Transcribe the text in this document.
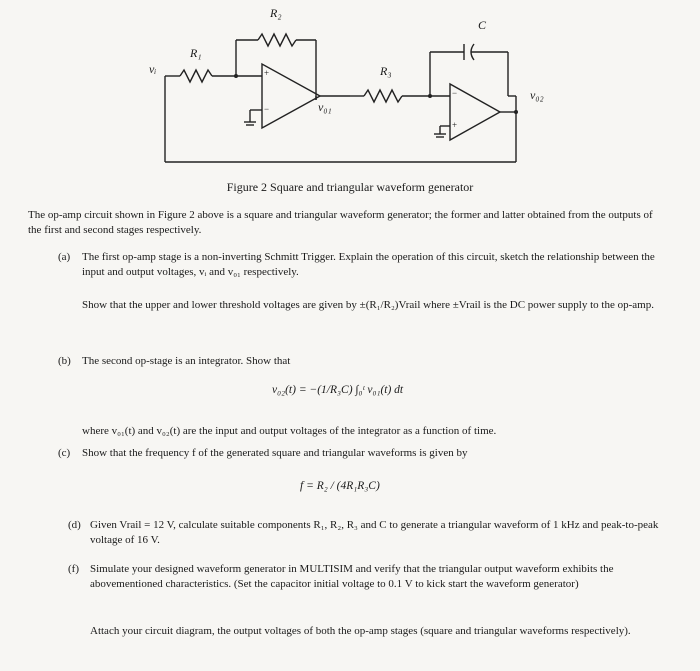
R₂
C
R₁
R₃
vᵢ
v₀₁
v₀₂
+
−
−
+
Figure 2 Square and triangular waveform generator
The op-amp circuit shown in Figure 2 above is a square and triangular waveform generator; the former and latter obtained from the outputs of the first and second stages respectively.
(a) The first op-amp stage is a non-inverting Schmitt Trigger. Explain the operation of this circuit, sketch the relationship between the input and output voltages, vᵢ and v₀₁ respectively.
Show that the upper and lower threshold voltages are given by ±(R₁/R₂)Vrail where ±Vrail is the DC power supply to the op-amp.
(b) The second op-stage is an integrator. Show that
v₀₂(t) = −(1/R₃C) ∫₀ᵗ v₀₁(t) dt
where v₀₁(t) and v₀₂(t) are the input and output voltages of the integrator as a function of time.
(c) Show that the frequency f of the generated square and triangular waveforms is given by
f = R₂ / (4R₁R₃C)
(d) Given Vrail = 12 V, calculate suitable components R₁, R₂, R₃ and C to generate a triangular waveform of 1 kHz and peak-to-peak voltage of 16 V.
(f) Simulate your designed waveform generator in MULTISIM and verify that the triangular output waveform exhibits the abovementioned characteristics. (Set the capacitor initial voltage to 0.1 V to kick start the waveform generator)
Attach your circuit diagram, the output voltages of both the op-amp stages (square and triangular waveforms respectively).
